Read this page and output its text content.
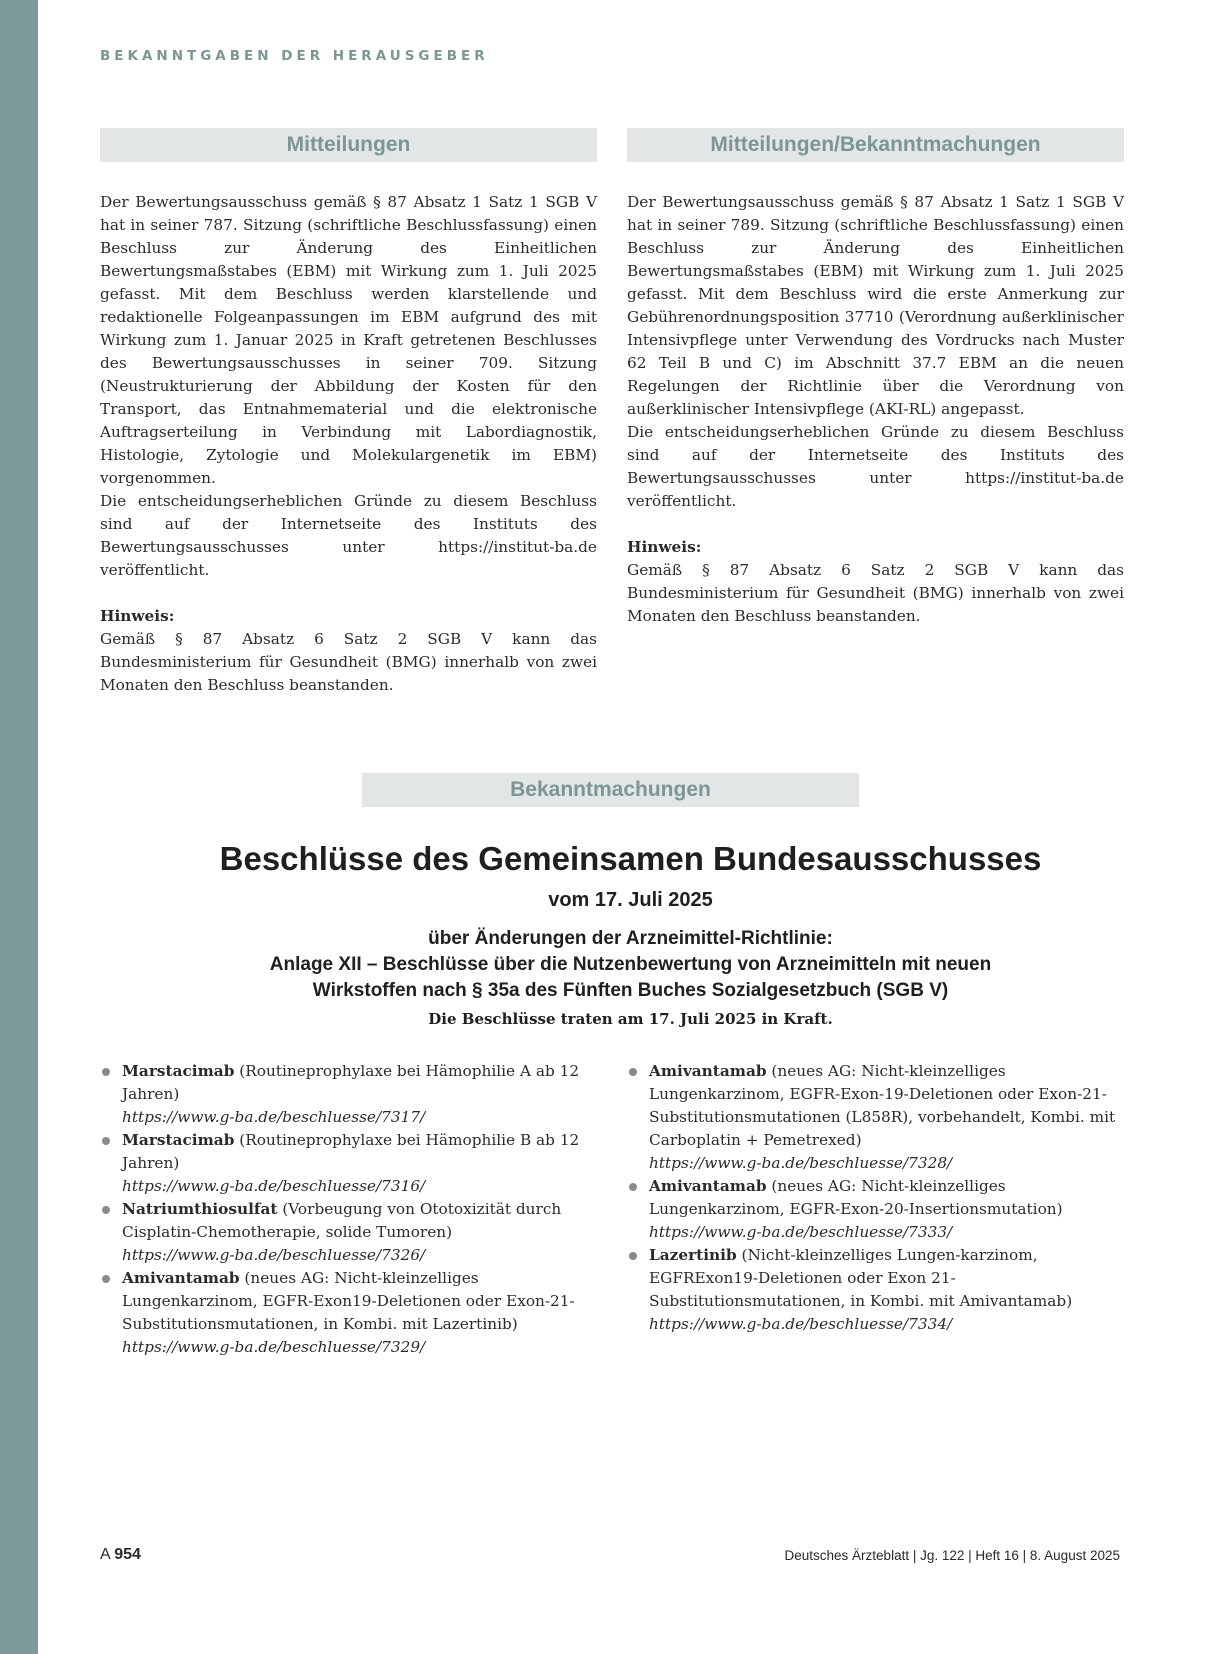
BEKANNTGABEN DER HERAUSGEBER
Mitteilungen

Der Bewertungsausschuss gemäß § 87 Absatz 1 Satz 1 SGB V hat in seiner 787. Sitzung (schriftliche Beschlussfassung) einen Beschluss zur Änderung des Einheitlichen Bewertungsmaßstabes (EBM) mit Wirkung zum 1. Juli 2025 gefasst. Mit dem Beschluss werden klarstellende und redaktionelle Folgeanpassungen im EBM aufgrund des mit Wirkung zum 1. Januar 2025 in Kraft getretenen Beschlusses des Bewertungsausschusses in seiner 709. Sitzung (Neustrukturierung der Abbildung der Kosten für den Transport, das Entnahmematerial und die elektronische Auftragserteilung in Verbindung mit Labordiagnostik, Histologie, Zytologie und Molekulargenetik im EBM) vorgenommen.

Die entscheidungserheblichen Gründe zu diesem Beschluss sind auf der Internetseite des Instituts des Bewertungsausschusses unter https://institut-ba.de veröffentlicht.

Hinweis:

Gemäß § 87 Absatz 6 Satz 2 SGB V kann das Bundesministerium für Gesundheit (BMG) innerhalb von zwei Monaten den Beschluss beanstanden.

Mitteilungen/Bekanntmachungen

Der Bewertungsausschuss gemäß § 87 Absatz 1 Satz 1 SGB V hat in seiner 789. Sitzung (schriftliche Beschlussfassung) einen Beschluss zur Änderung des Einheitlichen Bewertungsmaßstabes (EBM) mit Wirkung zum 1. Juli 2025 gefasst. Mit dem Beschluss wird die erste Anmerkung zur Gebührenordnungsposition 37710 (Verordnung außerklinischer Intensivpflege unter Verwendung des Vordrucks nach Muster 62 Teil B und C) im Abschnitt 37.7 EBM an die neuen Regelungen der Richtlinie über die Verordnung von außerklinischer Intensivpflege (AKI-RL) angepasst.

Die entscheidungserheblichen Gründe zu diesem Beschluss sind auf der Internetseite des Instituts des Bewertungsausschusses unter https://institut-ba.de veröffentlicht.

Hinweis:

Gemäß § 87 Absatz 6 Satz 2 SGB V kann das Bundesministerium für Gesundheit (BMG) innerhalb von zwei Monaten den Beschluss beanstanden.

Bekanntmachungen
Beschlüsse des Gemeinsamen Bundesausschusses
vom 17. Juli 2025
über Änderungen der Arzneimittel-Richtlinie:
Anlage XII – Beschlüsse über die Nutzenbewertung von Arzneimitteln mit neuen
Wirkstoffen nach § 35a des Fünften Buches Sozialgesetzbuch (SGB V)
Die Beschlüsse traten am 17. Juli 2025 in Kraft.
Marstacimab (Routineprophylaxe bei Hämophilie A ab 12 Jahren)
https://www.g-ba.de/beschluesse/7317/
Marstacimab (Routineprophylaxe bei Hämophilie B ab 12 Jahren)
https://www.g-ba.de/beschluesse/7316/
Natriumthiosulfat (Vorbeugung von Ototoxizität durch Cisplatin-Chemotherapie, solide Tumoren)
https://www.g-ba.de/beschluesse/7326/
Amivantamab (neues AG: Nicht-kleinzelliges Lungenkarzinom, EGFR-Exon19-Deletionen oder Exon-21-Substitutionsmutationen, in Kombi. mit Lazertinib)
https://www.g-ba.de/beschluesse/7329/
Amivantamab (neues AG: Nicht-kleinzelliges Lungenkarzinom, EGFR-Exon-19-Deletionen oder Exon-21-Substitutionsmutationen (L858R), vorbehandelt, Kombi. mit Carboplatin + Pemetrexed)
https://www.g-ba.de/beschluesse/7328/
Amivantamab (neues AG: Nicht-kleinzelliges Lungenkarzinom, EGFR-Exon-20-Insertionsmutation)
https://www.g-ba.de/beschluesse/7333/
Lazertinib (Nicht-kleinzelliges Lungen-karzinom, EGFRExon19-Deletionen oder Exon 21-Substitutionsmutationen, in Kombi. mit Amivantamab)
https://www.g-ba.de/beschluesse/7334/
A 954	Deutsches Ärzteblatt | Jg. 122 | Heft 16 | 8. August 2025
